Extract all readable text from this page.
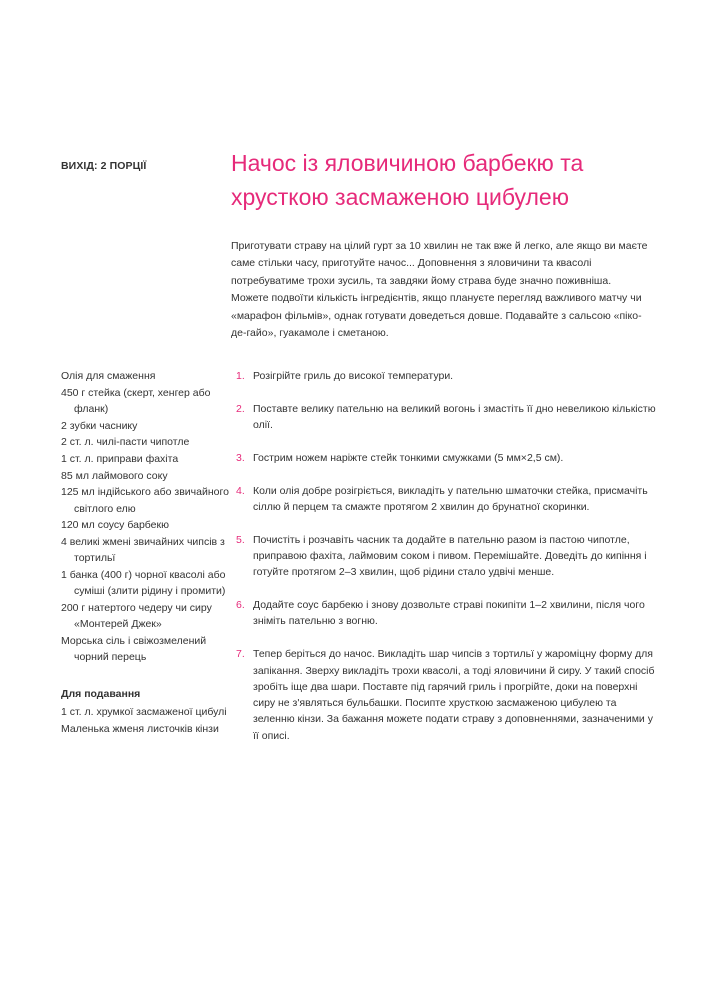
ВИХІД: 2 ПОРЦІЇ	Начос із яловичиною барбекю та хрусткою засмаженою цибулею

Приготувати страву на цілий гурт за 10 хвилин не так вже й легко, але якщо ви маєте саме стільки часу, приготуйте начос... Доповнення з яловичини та квасолі потребуватиме трохи зусиль, та завдяки йому страва буде значно поживніша. Можете подвоїти кількість інгредієнтів, якщо плануєте перегляд важливого матчу чи «марафон фільмів», однак готувати доведеться довше. Подавайте з сальсою «піко-де-гайо», гуакамоле і сметаною.

Олія для смаження
450 г стейка (скерт, хенгер або фланк)
2 зубки часнику
2 ст. л. чилі-пасти чипотле
1 ст. л. приправи фахіта
85 мл лаймового соку
125 мл індійського або звичайного світлого елю
120 мл соусу барбекю
4 великі жмені звичайних чипсів з тортильї
1 банка (400 г) чорної квасолі або суміші (злити рідину і промити)
200 г натертого чедеру чи сиру «Монтерей Джек»
Морська сіль і свіжозмелений чорний перець
Для подавання
1 ст. л. хрумкої засмаженої цибулі
Маленька жменя листочків кінзи
1. Розігрійте гриль до високої температури.
2. Поставте велику пательню на великий вогонь і змастіть її дно невеликою кількістю олії.
3. Гострим ножем наріжте стейк тонкими смужками (5 мм×2,5 см).
4. Коли олія добре розігріється, викладіть у пательню шматочки стейка, присмачіть сіллю й перцем та смажте протягом 2 хвилин до брунатної скоринки.
5. Почистіть і розчавіть часник та додайте в пательню разом із пастою чипотле, приправою фахіта, лаймовим соком і пивом. Перемішайте. Доведіть до кипіння і готуйте протягом 2–3 хвилин, щоб рідини стало удвічі менше.
6. Додайте соус барбекю і знову дозвольте страві покипіти 1–2 хвилини, після чого зніміть пательню з вогню.
7. Тепер беріться до начос. Викладіть шар чипсів з тортильї у жароміцну форму для запікання. Зверху викладіть трохи квасолі, а тоді яловичини й сиру. У такий спосіб зробіть іще два шари. Поставте під гарячий гриль і прогрійте, доки на поверхні сиру не з'являться бульбашки. Посипте хрусткою засмаженою цибулею та зеленню кінзи. За бажання можете подати страву з доповненнями, зазначеними у її описі.
